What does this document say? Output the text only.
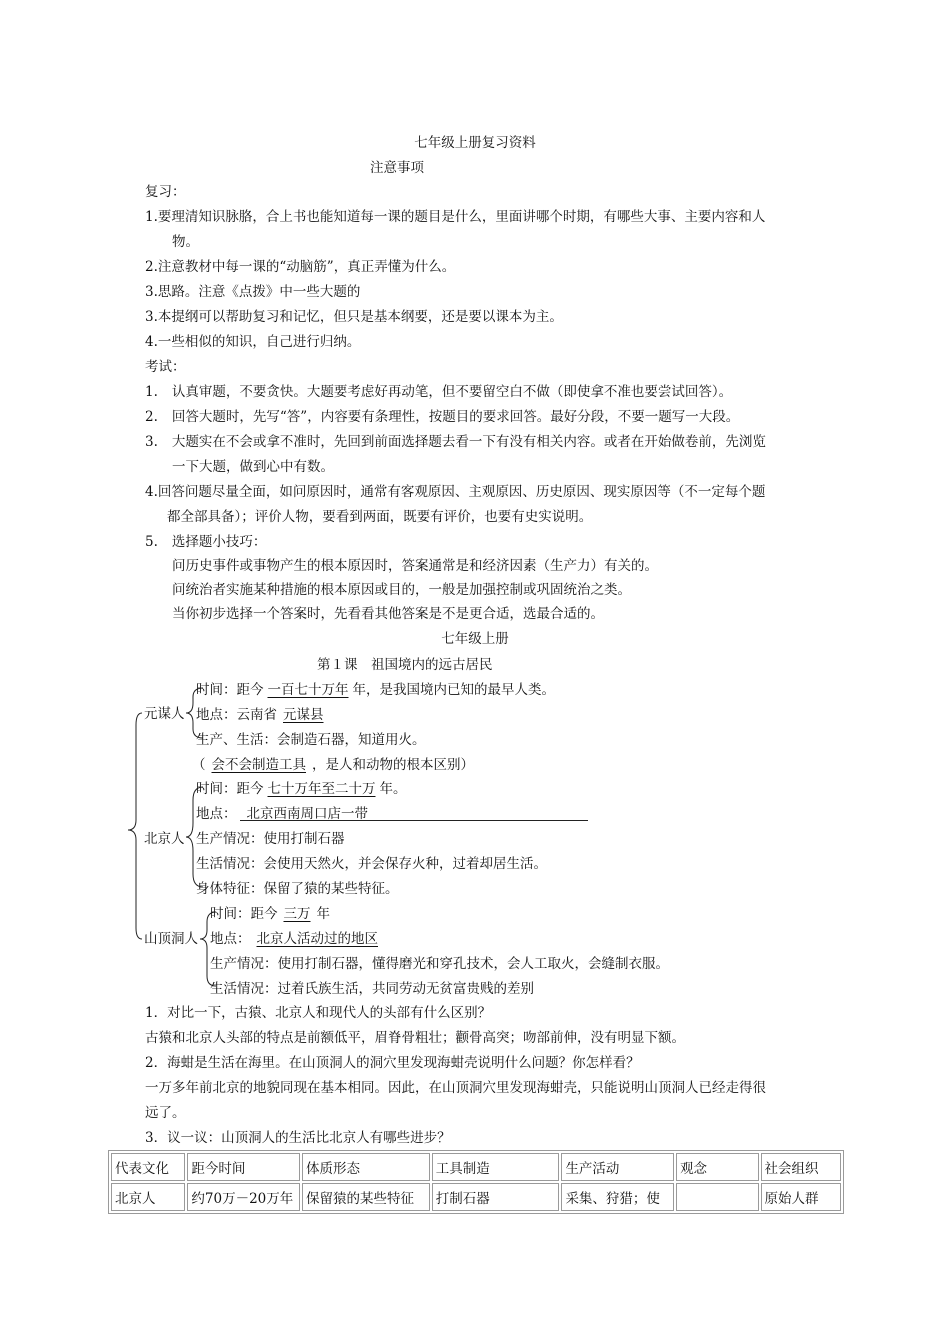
七年级上册复习资料
注意事项
复习：
1.要理清知识脉胳，合上书也能知道每一课的题目是什么，里面讲哪个时期，有哪些大事、主要内容和人
物。
2.注意教材中每一课的“动脑筋”，真正弄懂为什么。
3.思路。注意《点拨》中一些大题的
3.本提纲可以帮助复习和记忆，但只是基本纲要，还是要以课本为主。
4.一些相似的知识，自己进行归纳。
考试：
1. 认真审题，不要贪快。大题要考虑好再动笔，但不要留空白不做（即使拿不准也要尝试回答）。
2. 回答大题时，先写“答”，内容要有条理性，按题目的要求回答。最好分段，不要一题写一大段。
3. 大题实在不会或拿不准时，先回到前面选择题去看一下有没有相关内容。或者在开始做卷前，先浏览
一下大题，做到心中有数。
4.回答问题尽量全面，如问原因时，通常有客观原因、主观原因、历史原因、现实原因等（不一定每个题
都全部具备）；评价人物，要看到两面，既要有评价，也要有史实说明。
5. 选择题小技巧：
问历史事件或事物产生的根本原因时，答案通常是和经济因素（生产力）有关的。
问统治者实施某种措施的根本原因或目的，一般是加强控制或巩固统治之类。
当你初步选择一个答案时，先看看其他答案是不是更合适，选最合适的。
七年级上册
第１课　祖国境内的远古居民
元谋人
时间：距今 一百七十万年 年，是我国境内已知的最早人类。
地点：云南省 元谋县
生产、生活：会制造石器，知道用火。
（ 会不会制造工具 ，是人和动物的根本区别）
北京人
时间：距今 七十万年至二十万 年。
地点： 北京西南周口店一带
生产情况：使用打制石器
生活情况：会使用天然火，并会保存火种，过着却居生活。
身体特征：保留了猿的某些特征。
山顶洞人
时间：距今 三万 年
地点： 北京人活动过的地区
生产情况：使用打制石器，懂得磨光和穿孔技术，会人工取火，会缝制衣服。
生活情况：过着氏族生活，共同劳动无贫富贵贱的差别
1．对比一下，古猿、北京人和现代人的头部有什么区别？
古猿和北京人头部的特点是前额低平，眉脊骨粗壮；颧骨高突；吻部前伸，没有明显下额。
2．海蚶是生活在海里。在山顶洞人的洞穴里发现海蚶壳说明什么问题？你怎样看？
一万多年前北京的地貌同现在基本相同。因此，在山顶洞穴里发现海蚶壳，只能说明山顶洞人已经走得很
远了。
3．议一议：山顶洞人的生活比北京人有哪些进步？
代表文化	距今时间	体质形态	工具制造	生产活动	观念	社会组织
北京人	约70万－20万年	保留猿的某些特征	打制石器	采集、狩猎；使		原始人群
